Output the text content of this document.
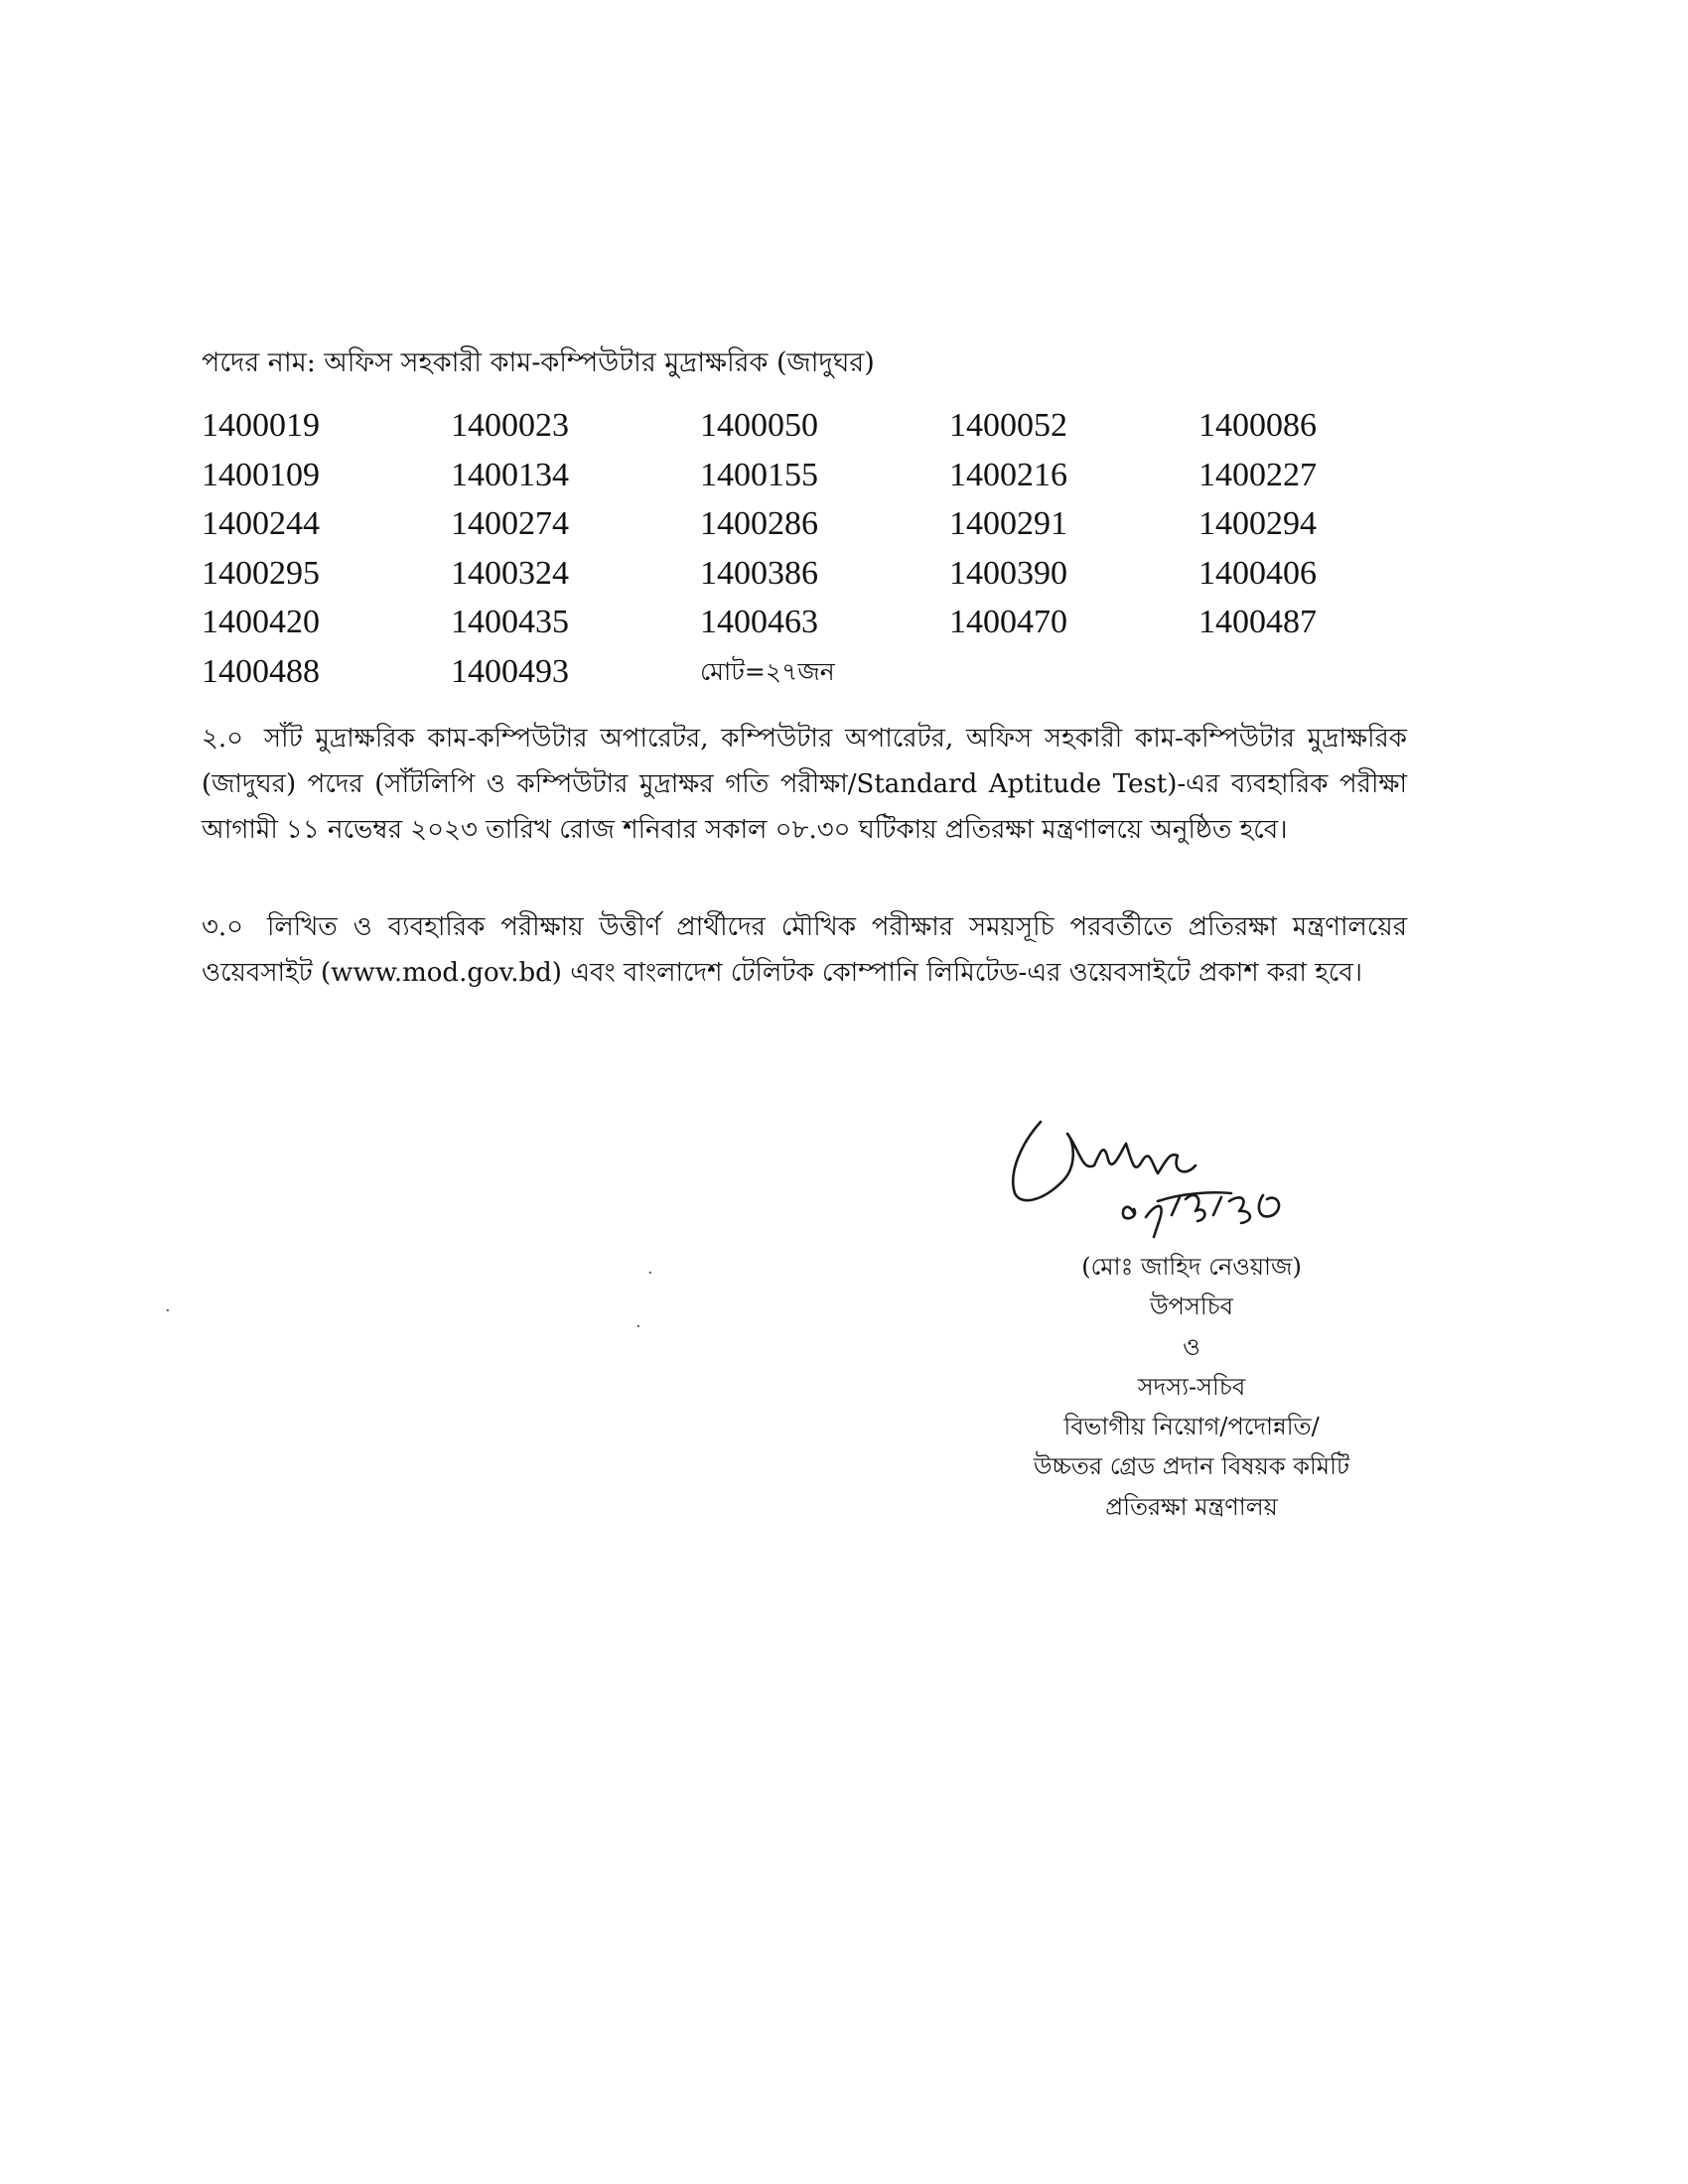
পদের নাম: অফিস সহকারী কাম-কম্পিউটার মুদ্রাক্ষরিক (জাদুঘর)
1400019	1400023	1400050	1400052	1400086
1400109	1400134	1400155	1400216	1400227
1400244	1400274	1400286	1400291	1400294
1400295	1400324	1400386	1400390	1400406
1400420	1400435	1400463	1400470	1400487
1400488	1400493	মোট=২৭জন
২.০ সাঁট মুদ্রাক্ষরিক কাম-কম্পিউটার অপারেটর, কম্পিউটার অপারেটর, অফিস সহকারী কাম-কম্পিউটার মুদ্রাক্ষরিক (জাদুঘর) পদের (সাঁটলিপি ও কম্পিউটার মুদ্রাক্ষর গতি পরীক্ষা/Standard Aptitude Test)-এর ব্যবহারিক পরীক্ষা আগামী ১১ নভেম্বর ২০২৩ তারিখ রোজ শনিবার সকাল ০৮.৩০ ঘটিকায় প্রতিরক্ষা মন্ত্রণালয়ে অনুষ্ঠিত হবে।
৩.০ লিখিত ও ব্যবহারিক পরীক্ষায় উত্তীর্ণ প্রার্থীদের মৌখিক পরীক্ষার সময়সূচি পরবর্তীতে প্রতিরক্ষা মন্ত্রণালয়ের ওয়েবসাইট (www.mod.gov.bd) এবং বাংলাদেশ টেলিটক কোম্পানি লিমিটেড-এর ওয়েবসাইটে প্রকাশ করা হবে।
(মোঃ জাহিদ নেওয়াজ)
উপসচিব
ও
সদস্য-সচিব
বিভাগীয় নিয়োগ/পদোন্নতি/
উচ্চতর গ্রেড প্রদান বিষয়ক কমিটি
প্রতিরক্ষা মন্ত্রণালয়
·
·
·
